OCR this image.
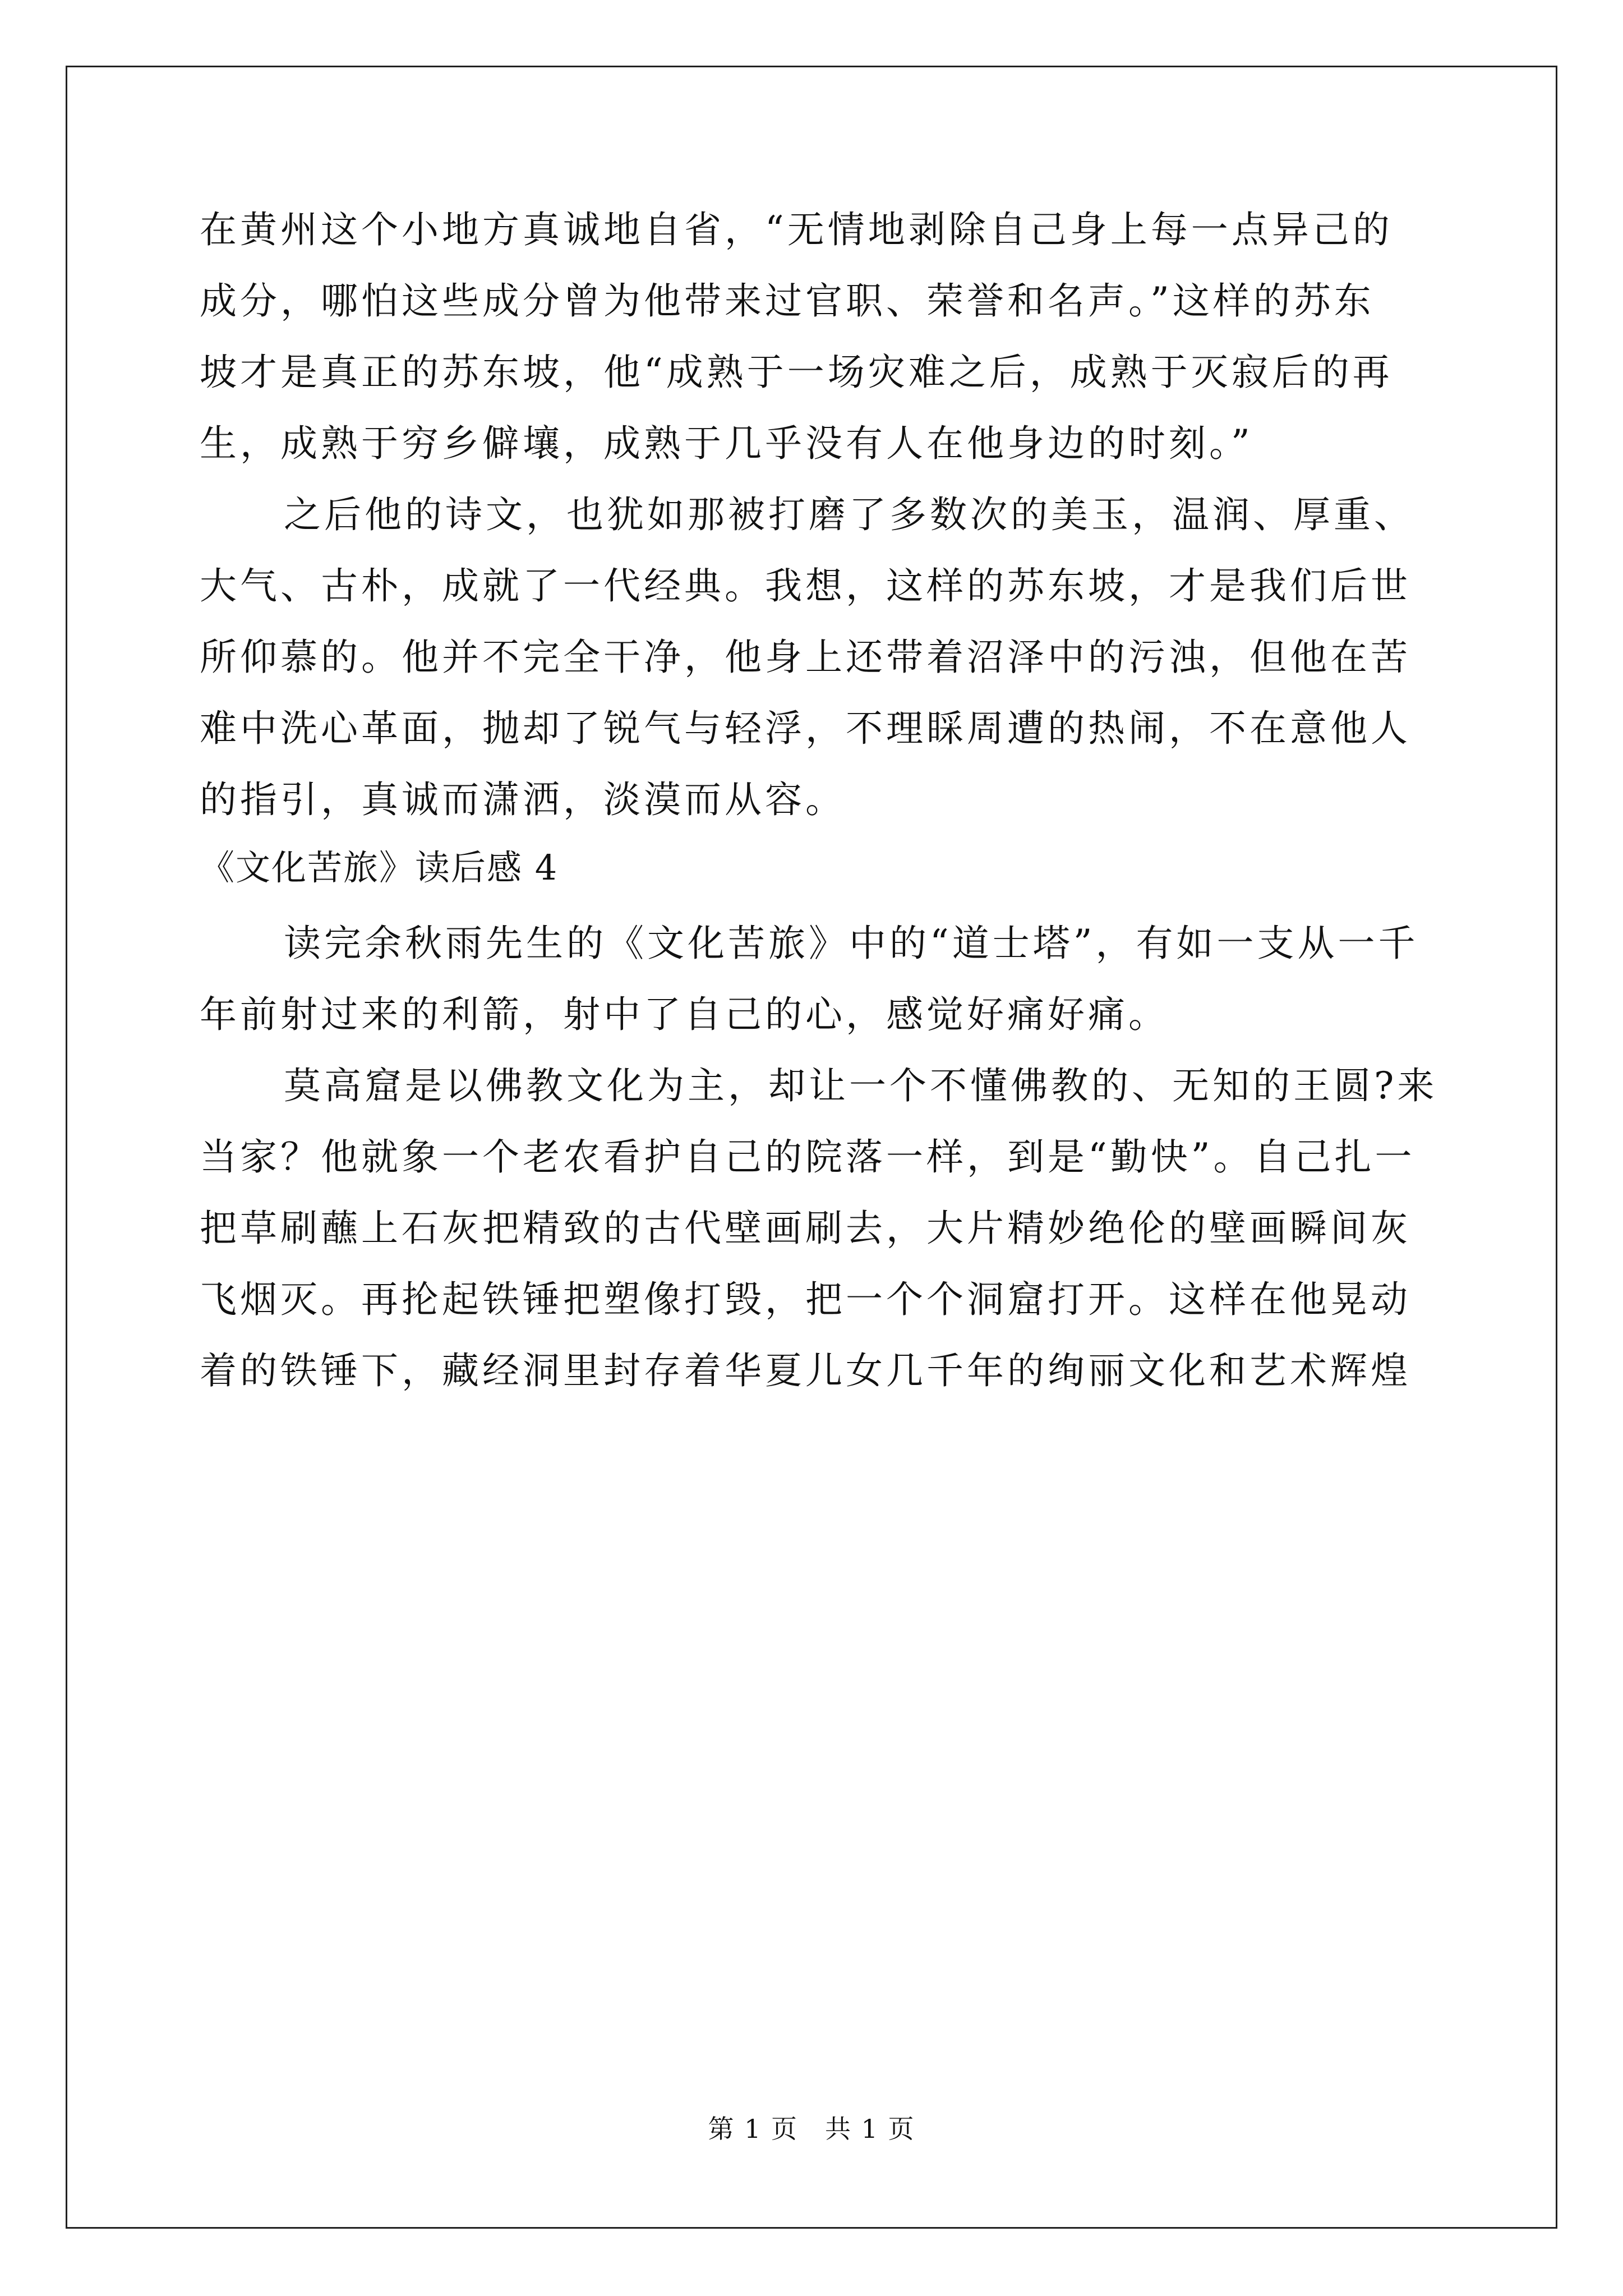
在黄州这个小地方真诚地自省，“无情地剥除自己身上每一点异己的
成分，哪怕这些成分曾为他带来过官职、荣誉和名声。”这样的苏东
坡才是真正的苏东坡，他“成熟于一场灾难之后，成熟于灭寂后的再
生，成熟于穷乡僻壤，成熟于几乎没有人在他身边的时刻。”
之后他的诗文，也犹如那被打磨了多数次的美玉，温润、厚重、
大气、古朴，成就了一代经典。我想，这样的苏东坡，才是我们后世
所仰慕的。他并不完全干净，他身上还带着沼泽中的污浊，但他在苦
难中洗心革面，抛却了锐气与轻浮，不理睬周遭的热闹，不在意他人
的指引，真诚而潇洒，淡漠而从容。
《文化苦旅》读后感 4
读完余秋雨先生的《文化苦旅》中的“道士塔”，有如一支从一千
年前射过来的利箭，射中了自己的心，感觉好痛好痛。
莫高窟是以佛教文化为主，却让一个不懂佛教的、无知的王圆?来
当家？他就象一个老农看护自己的院落一样，到是“勤快”。自己扎一
把草刷蘸上石灰把精致的古代壁画刷去，大片精妙绝伦的壁画瞬间灰
飞烟灭。再抡起铁锤把塑像打毁，把一个个洞窟打开。这样在他晃动
着的铁锤下，藏经洞里封存着华夏儿女几千年的绚丽文化和艺术辉煌
第 1 页　共 1 页
